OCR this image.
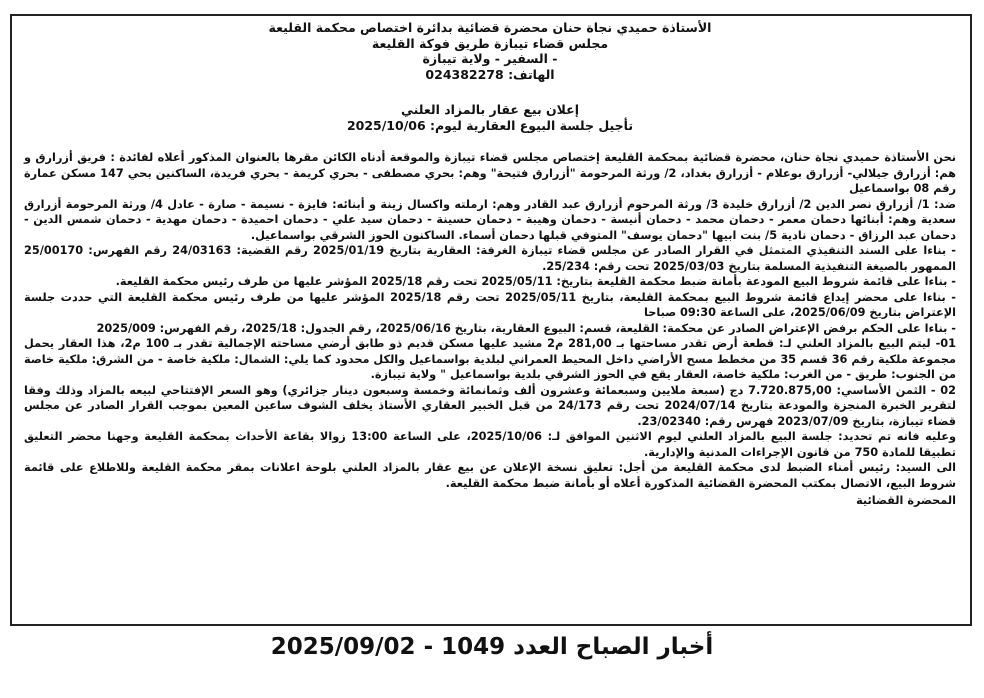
الأستاذة حميدي نجاة حنان محضرة قضائية بدائرة اختصاص محكمة القليعة
مجلس قضاء تيبازة طريق فوكة القليعة
- السفير - ولاية تيبازة
الهاتف: 024382278
إعلان بيع عقار بالمزاد العلني
تأجيل جلسة البيوع العقارية ليوم: 2025/10/06

نحن الأستاذة حميدي نجاة حنان، محضرة قضائية بمحكمة القليعة إختصاص مجلس قضاء تيبازة والموقعة أدناه الكائن مقرها بالعنوان المذكور أعلاه لفائدة : فريق أزرارق و هم: أزرارق جيلالي- أزرارق بوعلام - أزرارق بغداد، 2/ ورثة المرحومة "أزرارق فتيحة" وهم: بحري مصطفى - بحري كريمة - بحري فريدة، الساكنين بحي 147 مسكن عمارة رقم 08 بواسماعيل

ضد: 1/ أزرارق نصر الدين 2/ أزرارق خليدة 3/ ورثة المرحوم أزرارق عبد القادر وهم: ارملته واكسال زينة و أبنائه: فايزة - نسيمة - صارة - عادل 4/ ورثة المرحومة أزرارق سعدية وهم: أبنائها دحمان معمر - دحمان محمد - دحمان أنيسة - دحمان وهيبة - دحمان حسينة - دحمان سيد علي - دحمان احميدة - دحمان مهدية - دحمان شمس الدين - دحمان عبد الرزاق - دحمان نادية 5/ بنت ابيها "دحمان يوسف" المتوفي قبلها دحمان أسماء. الساكنون الحوز الشرقي بواسماعيل.

- بناءا على السند التنفيذي المتمثل في القرار الصادر عن مجلس قضاء تيبازة الغرفة: العقارية بتاريخ 2025/01/19 رقم القضية: 24/03163 رقم الفهرس: 25/00170 الممهور بالصيغة التنفيذية المسلمة بتاريخ 2025/03/03 تحت رقم: 25/234.

- بناءا على قائمة شروط البيع المودعة بأمانة ضبط محكمة القليعة بتاريخ: 2025/05/11 تحت رقم 2025/18 المؤشر عليها من طرف رئيس محكمة القليعة.

- بناءا على محضر إيداع قائمة شروط البيع بمحكمة القليعة، بتاريخ 2025/05/11 تحت رقم 2025/18 المؤشر عليها من طرف رئيس محكمة القليعة التي حددت جلسة الإعتراض بتاريخ 2025/06/09، على الساعة 09:30 صباحا

- بناءا على الحكم برفض الإعتراض الصادر عن محكمة: القليعة، قسم: البيوع العقارية، بتاريخ 2025/06/16، رقم الجدول: 2025/18، رقم الفهرس: 2025/009

01- ليتم البيع بالمزاد العلني لـ: قطعة أرض تقدر مساحتها بـ 281,00 م2 مشيد عليها مسكن قديم ذو طابق أرضي مساحته الإجمالية تقدر بـ 100 م2، هذا العقار يحمل مجموعة ملكية رقم 36 قسم 35 من مخطط مسح الأراضي داخل المحيط العمراني لبلدية بواسماعيل والكل محدود كما يلي: الشمال: ملكية خاصة - من الشرق: ملكية خاصة من الجنوب: طريق - من الغرب: ملكية خاصة، العقار يقع في الحوز الشرقي بلدية بواسماعيل " ولاية تيبازة.

02 - الثمن الأساسي: 7.720.875,00 دج (سبعة ملايين وسبعمائة وعشرون ألف وثمانمائة وخمسة وسبعون دينار جزائري) وهو السعر الإفتتاحي لبيعه بالمزاد وذلك وفقا لتقرير الخبرة المنجزة والمودعة بتاريخ 2024/07/14 تحت رقم 24/173 من قبل الخبير العقاري الأستاذ يخلف الشوف ساعين المعين بموجب القرار الصادر عن مجلس قضاء تيبازة، بتاريخ 2023/07/09 فهرس رقم: 23/02340.

وعليه فانه تم تحديد: جلسة البيع بالمزاد العلني ليوم الاثنين الموافق لـ: 2025/10/06، على الساعة 13:00 زوالا بقاعة الأحداث بمحكمة القليعة وجهنا محضر التعليق تطبيقا للمادة 750 من قانون الإجراءات المدنية والإدارية.

الى السيد: رئيس أمناء الضبط لدى محكمة القليعة من أجل: تعليق نسخة الإعلان عن بيع عقار بالمزاد العلني بلوحة اعلانات بمقر محكمة القليعة وللاطلاع على قائمة شروط البيع، الاتصال بمكتب المحضرة القضائية المذكورة أعلاه أو بأمانة ضبط محكمة القليعة.

المحضرة القضائية
أخبار الصباح العدد 1049 - 2025/09/02
